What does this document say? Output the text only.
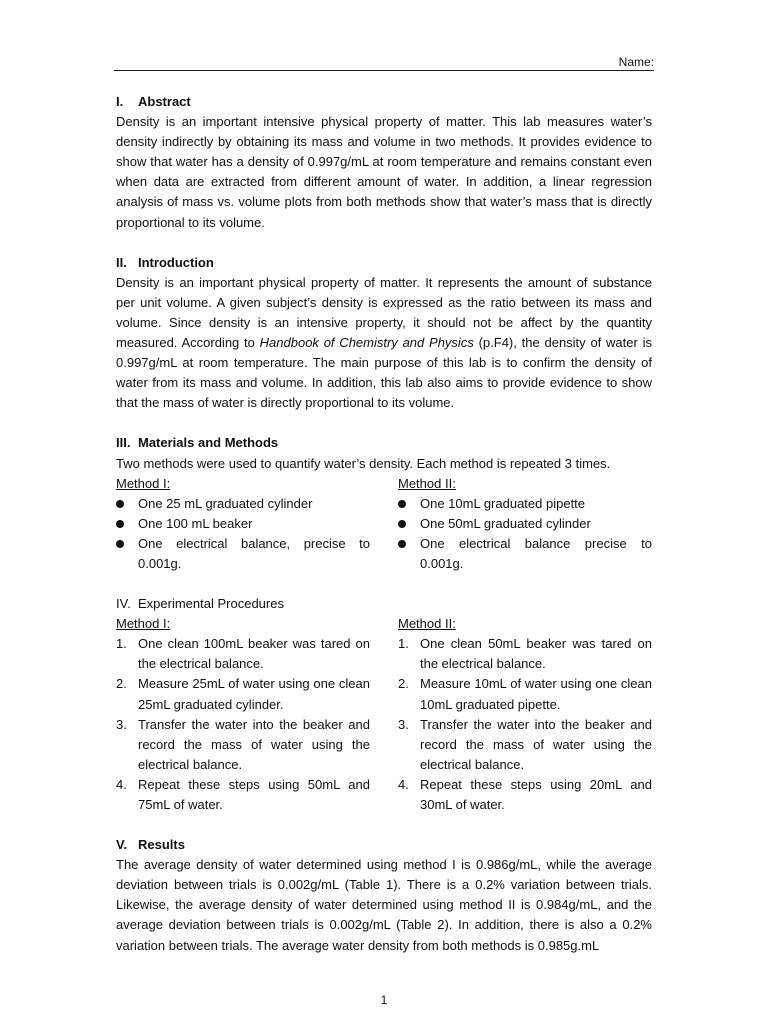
Name:
I. Abstract

Density is an important intensive physical property of matter. This lab measures water’s density indirectly by obtaining its mass and volume in two methods. It provides evidence to show that water has a density of 0.997g/mL at room temperature and remains constant even when data are extracted from different amount of water. In addition, a linear regression analysis of mass vs. volume plots from both methods show that water’s mass that is directly proportional to its volume.

II. Introduction

Density is an important physical property of matter. It represents the amount of substance per unit volume. A given subject’s density is expressed as the ratio between its mass and volume. Since density is an intensive property, it should not be affect by the quantity measured. According to Handbook of Chemistry and Physics (p.F4), the density of water is 0.997g/mL at room temperature. The main purpose of this lab is to confirm the density of water from its mass and volume. In addition, this lab also aims to provide evidence to show that the mass of water is directly proportional to its volume.

III. Materials and Methods

Two methods were used to quantify water’s density. Each method is repeated 3 times.

Method I:
One 25 mL graduated cylinder
One 100 mL beaker
One electrical balance, precise to 0.001g.
Method II:
One 10mL graduated pipette
One 50mL graduated cylinder
One electrical balance precise to 0.001g.
IV. Experimental Procedures
Method I:
1. One clean 100mL beaker was tared on the electrical balance.
2. Measure 25mL of water using one clean 25mL graduated cylinder.
3. Transfer the water into the beaker and record the mass of water using the electrical balance.
4. Repeat these steps using 50mL and 75mL of water.
Method II:
1. One clean 50mL beaker was tared on the electrical balance.
2. Measure 10mL of water using one clean 10mL graduated pipette.
3. Transfer the water into the beaker and record the mass of water using the electrical balance.
4. Repeat these steps using 20mL and 30mL of water.
V. Results

The average density of water determined using method I is 0.986g/mL, while the average deviation between trials is 0.002g/mL (Table 1). There is a 0.2% variation between trials. Likewise, the average density of water determined using method II is 0.984g/mL, and the average deviation between trials is 0.002g/mL (Table 2). In addition, there is also a 0.2% variation between trials. The average water density from both methods is 0.985g.mL

1
